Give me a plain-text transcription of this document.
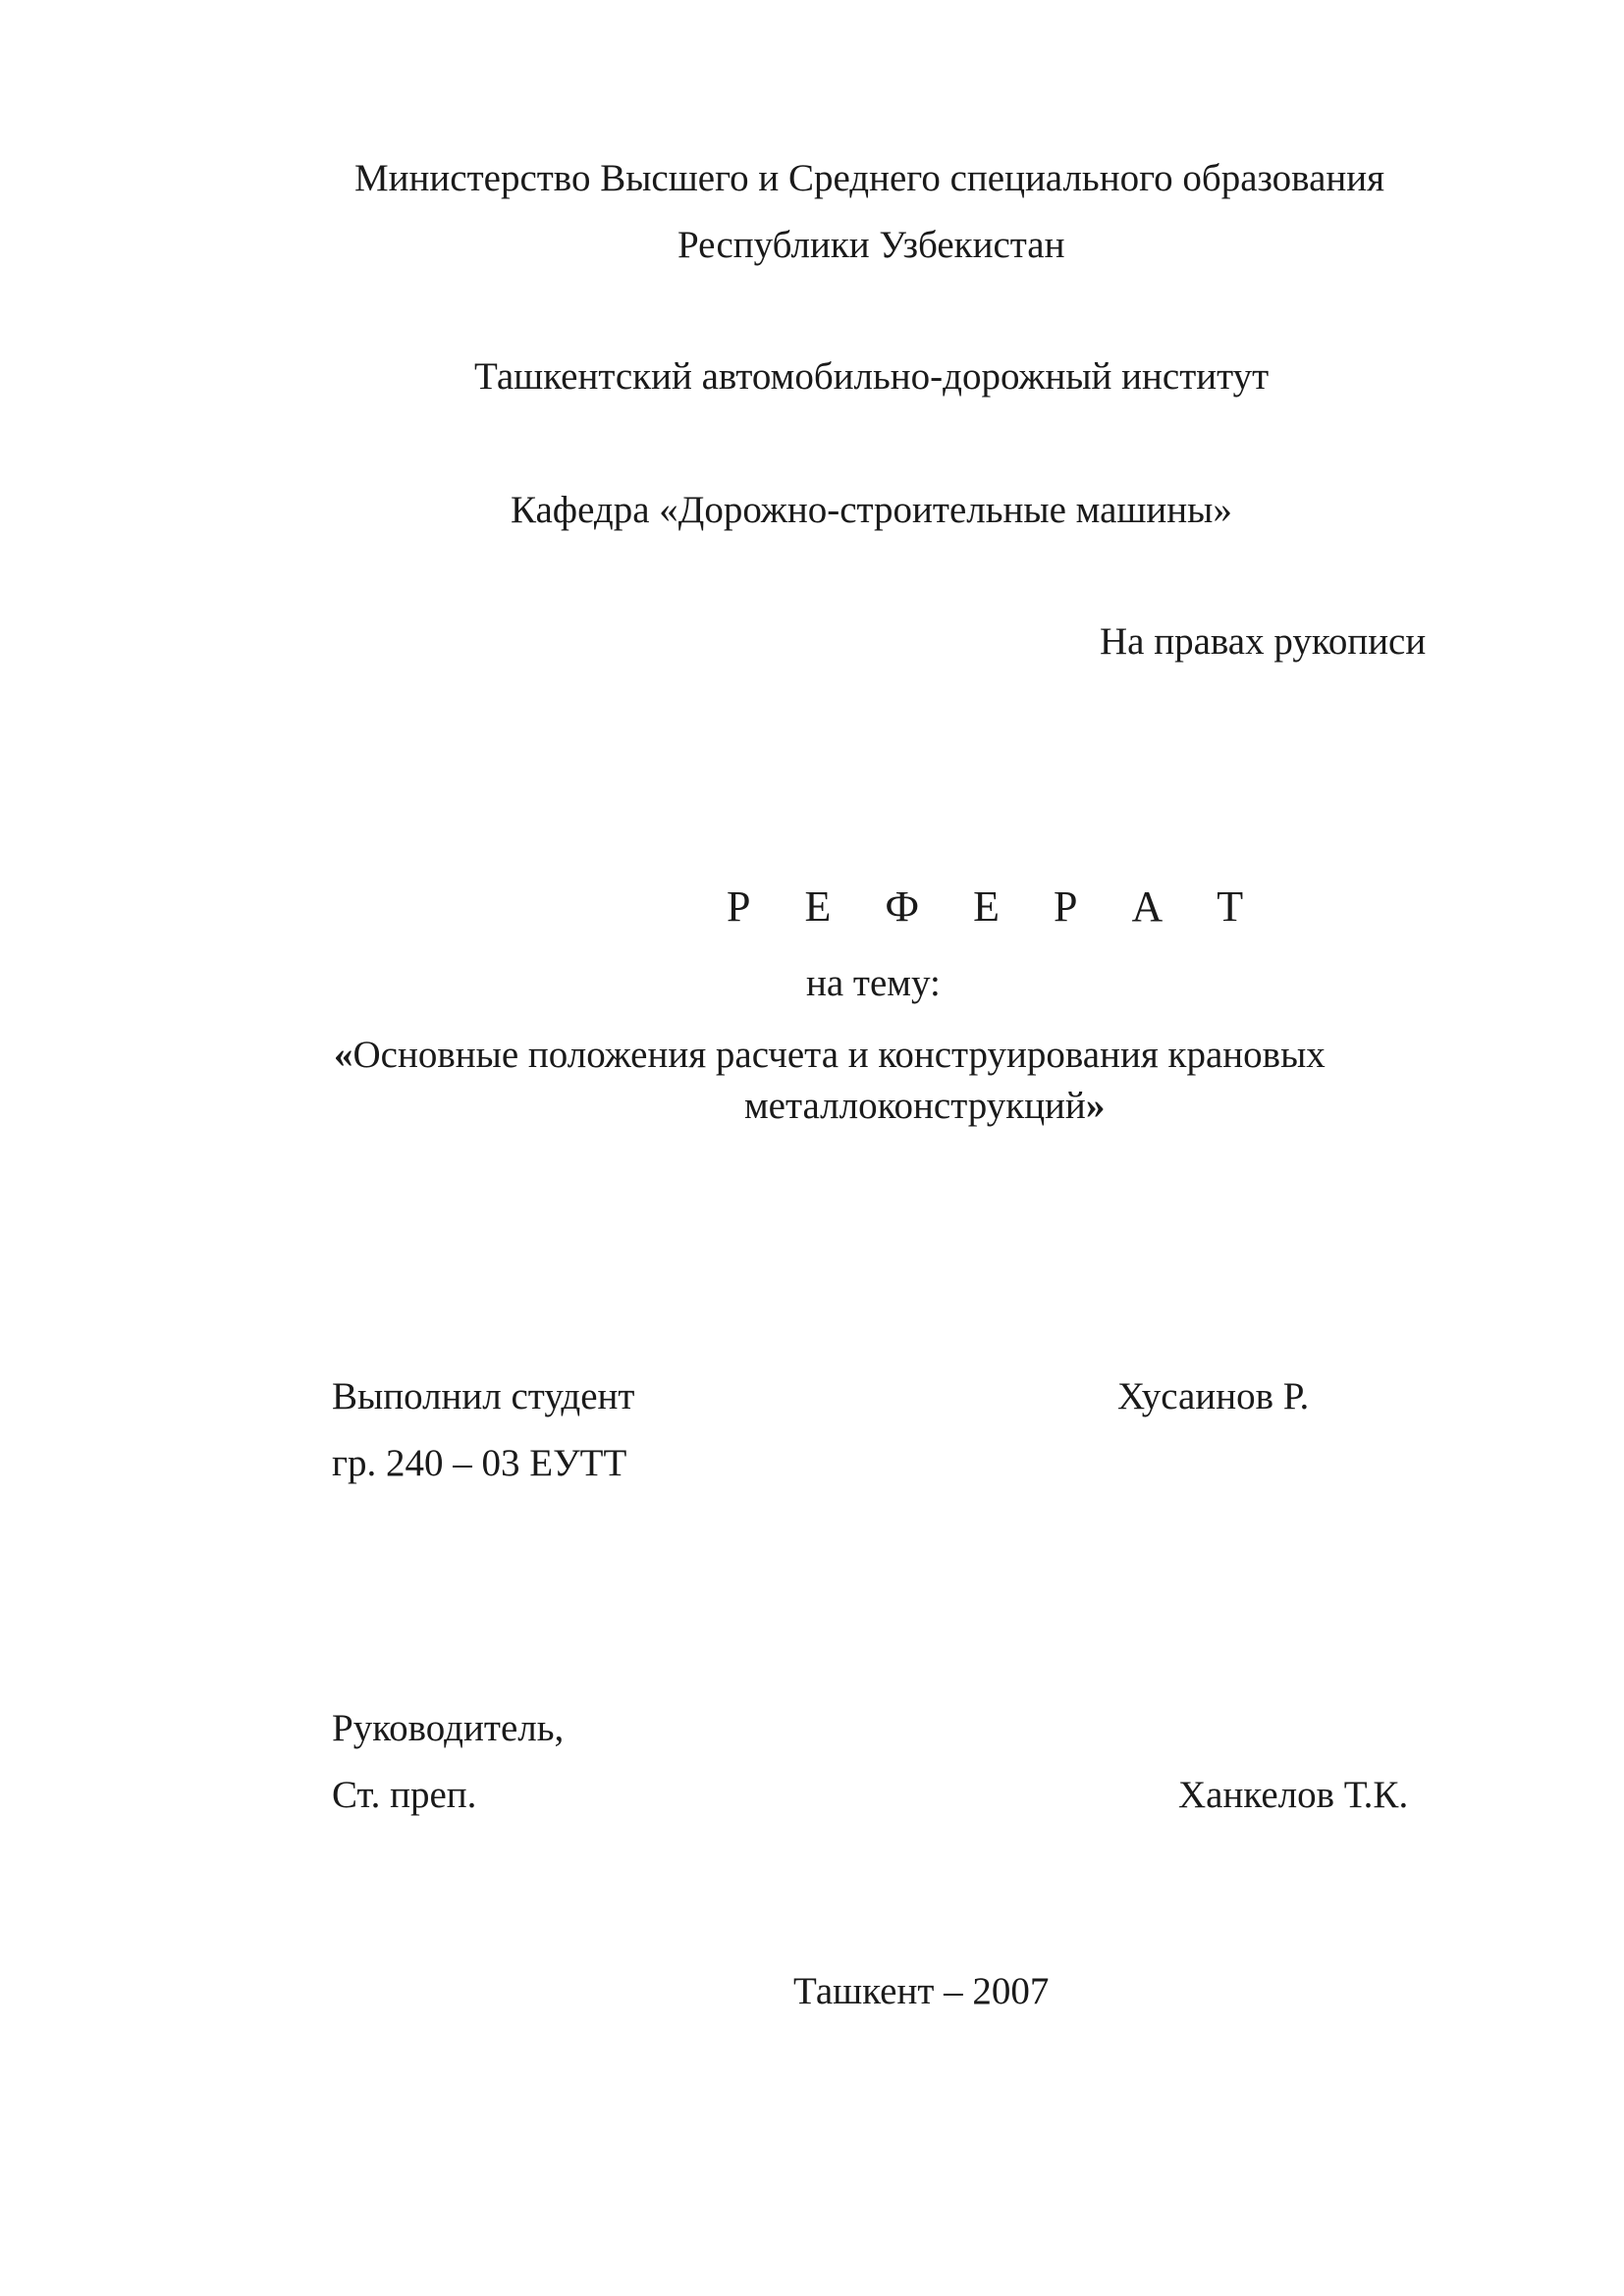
Министерство Высшего и Среднего специального образования
Республики Узбекистан
Ташкентский автомобильно-дорожный институт
Кафедра «Дорожно-строительные машины»
На правах рукописи
Р Е Ф Е Р А Т
на тему:
«Основные положения расчета и конструирования крановых
металлоконструкций»
Выполнил студент	Хусаинов Р.
гр. 240 – 03 ЕУТТ
Руководитель,
Ст. преп.	Ханкелов Т.К.
Ташкент – 2007
